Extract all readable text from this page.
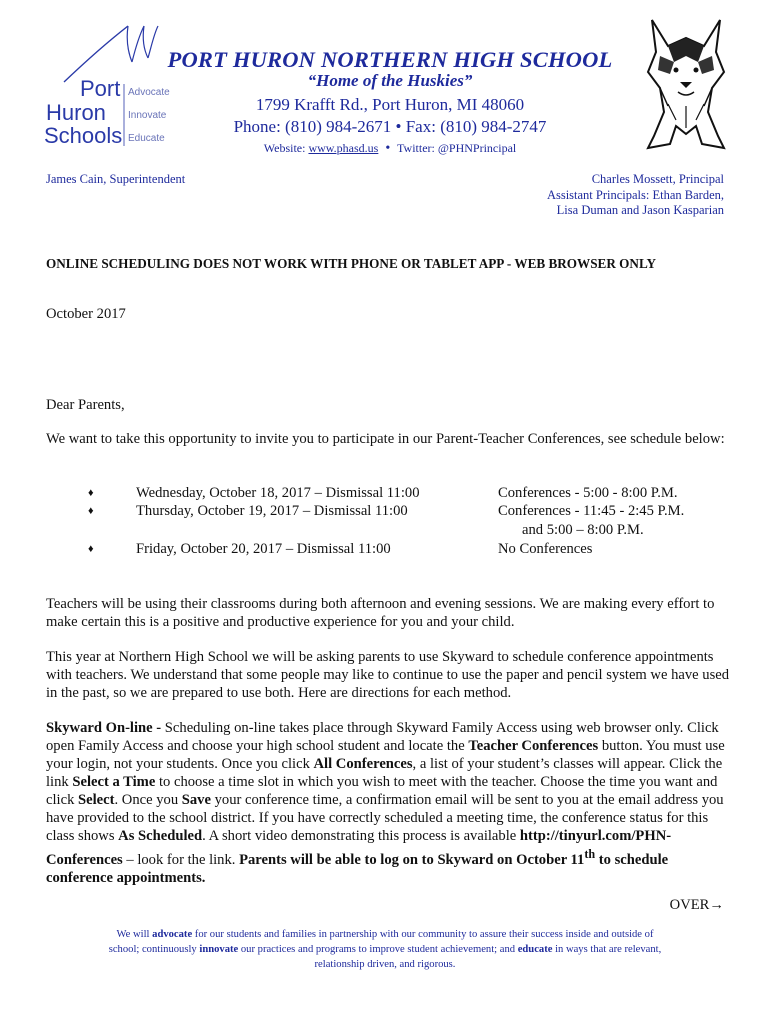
Port
Huron
Schools
Advocate
Innovate
Educate
PORT HURON NORTHERN HIGH SCHOOL
“Home of the Huskies”
1799 Krafft Rd., Port Huron, MI 48060
Phone: (810) 984-2671 • Fax: (810) 984-2747
Website: www.phasd.us • Twitter: @PHNPrincipal
James Cain, Superintendent	Charles Mossett, Principal
Assistant Principals: Ethan Barden,
Lisa Duman and Jason Kasparian
ONLINE SCHEDULING DOES NOT WORK WITH PHONE OR TABLET APP - WEB BROWSER ONLY
October 2017
Dear Parents,
We want to take this opportunity to invite you to participate in our Parent-Teacher Conferences, see schedule below:
♦	Wednesday, October 18, 2017 – Dismissal 11:00	Conferences - 5:00 - 8:00 P.M.
♦	Thursday, October 19, 2017 – Dismissal 11:00	Conferences - 11:45 - 2:45 P.M.
and 5:00 – 8:00 P.M.
♦	Friday, October 20, 2017 – Dismissal 11:00	No Conferences
Teachers will be using their classrooms during both afternoon and evening sessions. We are making every effort to make certain this is a positive and productive experience for you and your child.
This year at Northern High School we will be asking parents to use Skyward to schedule conference appointments with teachers. We understand that some people may like to continue to use the paper and pencil system we have used in the past, so we are prepared to use both. Here are directions for each method.
Skyward On-line - Scheduling on-line takes place through Skyward Family Access using web browser only. Click open Family Access and choose your high school student and locate the Teacher Conferences button. You must use your login, not your students. Once you click All Conferences, a list of your student’s classes will appear. Click the link Select a Time to choose a time slot in which you wish to meet with the teacher. Choose the time you want and click Select. Once you Save your conference time, a confirmation email will be sent to you at the email address you have provided to the school district. If you have correctly scheduled a meeting time, the conference status for this class shows As Scheduled. A short video demonstrating this process is available http://tinyurl.com/PHN-Conferences – look for the link. Parents will be able to log on to Skyward on October 11th to schedule conference appointments.
OVER→
We will advocate for our students and families in partnership with our community to assure their success inside and outside of school; continuously innovate our practices and programs to improve student achievement; and educate in ways that are relevant, relationship driven, and rigorous.
